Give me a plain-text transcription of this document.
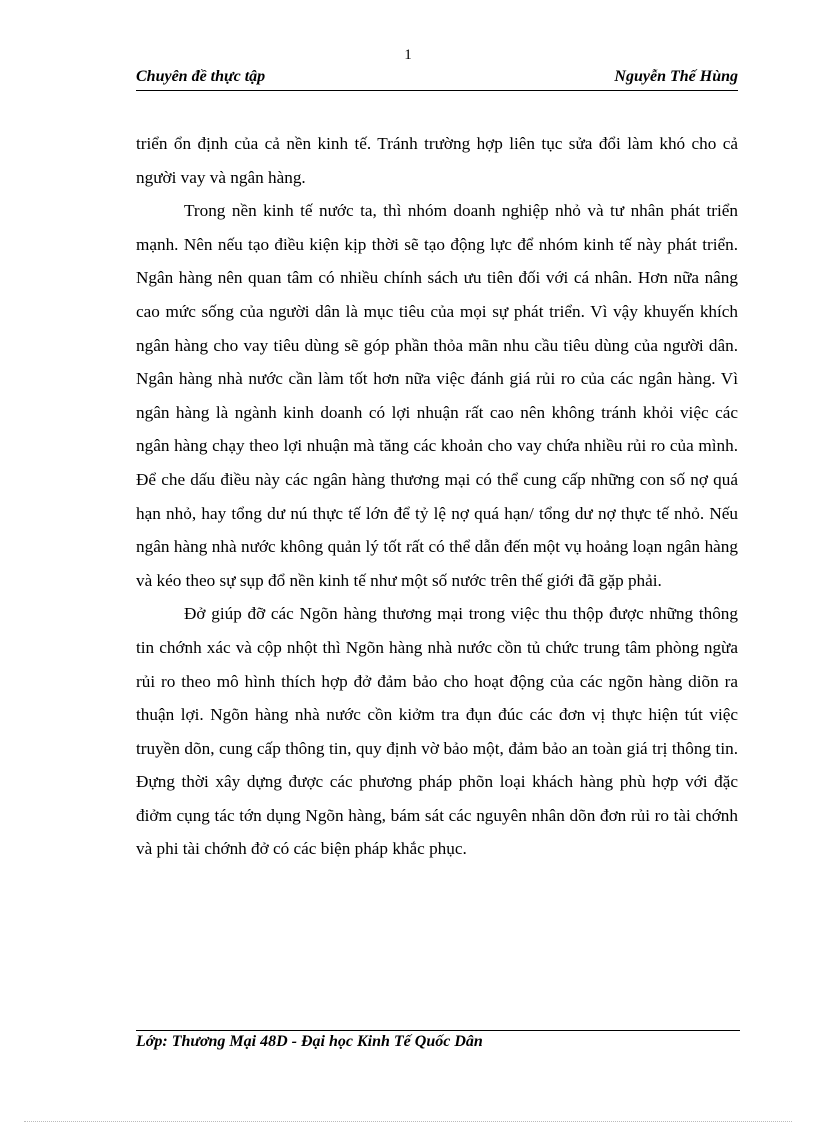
1
Chuyên đề thực tập	Nguyễn Thế Hùng

triển ổn định của cả nền kinh tế. Tránh trường hợp liên tục sửa đổi làm khó cho cả người vay và ngân hàng.

Trong nền kinh tế nước ta, thì nhóm doanh nghiệp nhỏ và tư nhân phát triển mạnh. Nên nếu tạo điều kiện kịp thời sẽ tạo động lực để nhóm kinh tế này phát triển. Ngân hàng nên quan tâm có nhiều chính sách ưu tiên đối với cá nhân. Hơn nữa nâng cao mức sống của người dân là mục tiêu của mọi sự phát triển. Vì vậy khuyến khích ngân hàng cho vay tiêu dùng sẽ góp phần thỏa mãn nhu cầu tiêu dùng của người dân. Ngân hàng nhà nước cần làm tốt hơn nữa việc đánh giá rủi ro của các ngân hàng. Vì ngân hàng là ngành kinh doanh có lợi nhuận rất cao nên không tránh khỏi việc các ngân hàng chạy theo lợi nhuận mà tăng các khoản cho vay chứa nhiều rủi ro của mình. Để che dấu điều này các ngân hàng thương mại có thể cung cấp những con số nợ quá hạn nhỏ, hay tổng dư nú thực tế lớn để tỷ lệ nợ quá hạn/ tổng dư nợ thực tế nhỏ. Nếu ngân hàng nhà nước không quản lý tốt rất có thể dẫn đến một vụ hoảng loạn ngân hàng và kéo theo sự sụp đổ nền kinh tế như một số nước trên thế giới đã gặp phải.

Đở giúp đỡ các Ngõn hàng thương mại trong việc thu thộp được những thông tin chớnh xác và cộp nhột thì Ngõn hàng nhà nước cồn tủ chức trung tâm phòng ngừa rủi ro theo mô hình thích hợp đở đảm bảo cho hoạt động của các ngõn hàng diõn ra thuận lợi. Ngõn hàng nhà nước cồn kiởm tra đụn đúc các đơn vị thực hiện tút việc truyền dõn, cung cấp thông tin, quy định vờ bảo một, đảm bảo an toàn giá trị thông tin. Đựng thời xây dựng được các phương pháp phõn loại khách hàng phù hợp với đặc điởm cụng tác tớn dụng Ngõn hàng, bám sát các nguyên nhân dõn đơn rủi ro tài chớnh và phi tài chớnh đở có các biện pháp khắc phục.

Lớp: Thương Mại 48D - Đại học Kinh Tế Quốc Dân
